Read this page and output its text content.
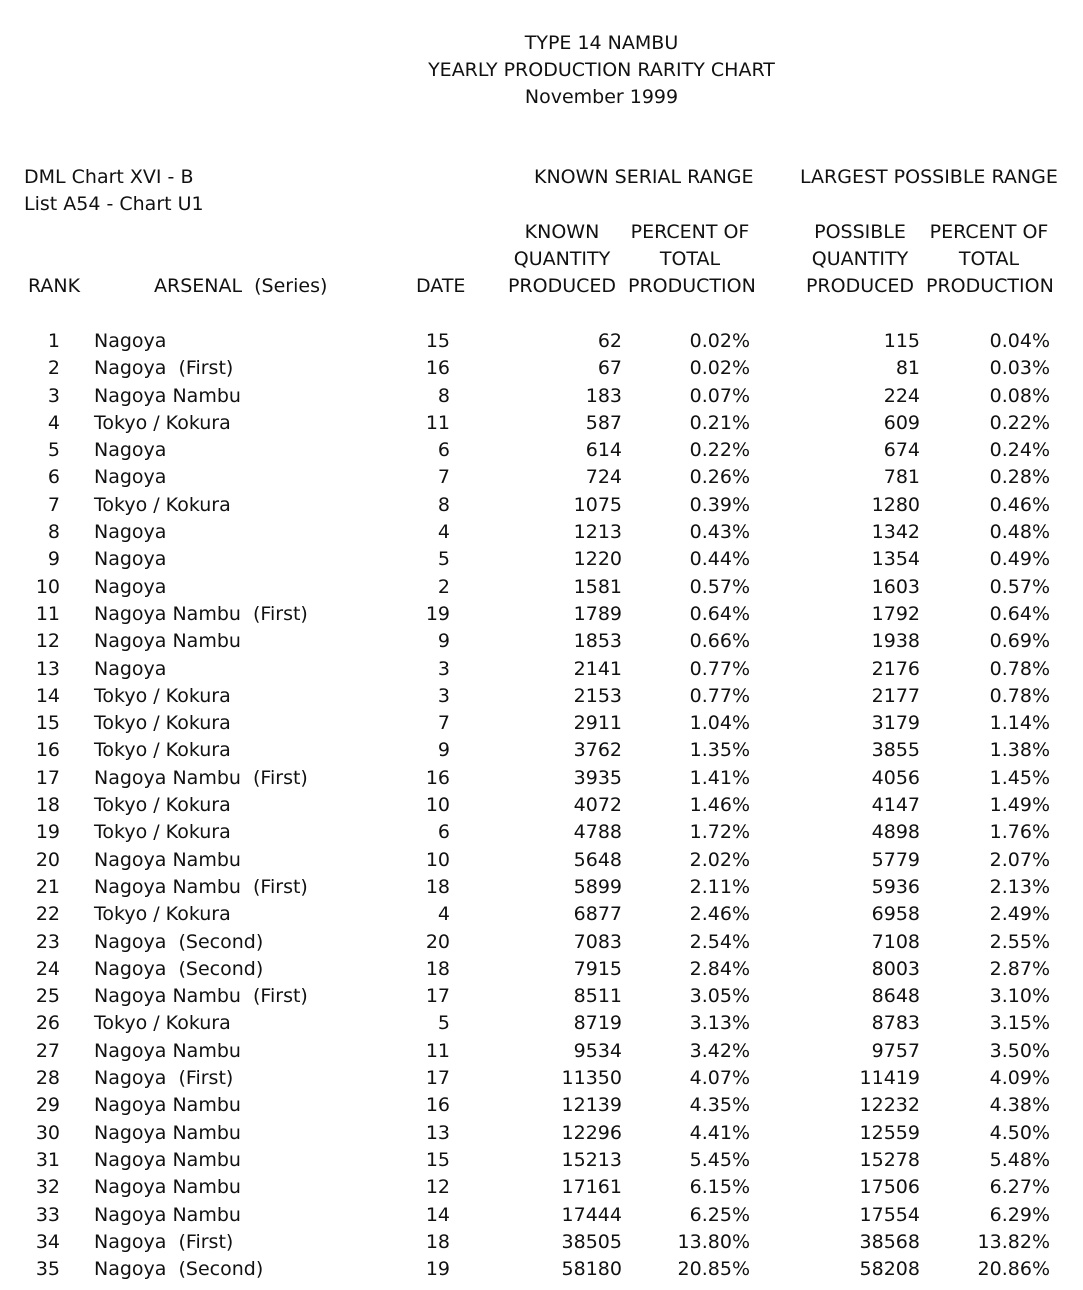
TYPE 14 NAMBU
YEARLY PRODUCTION RARITY CHART
November 1999
DML Chart XVI - B
List A54 - Chart U1
KNOWN SERIAL RANGE LARGEST POSSIBLE RANGE
RANK	ARSENAL  (Series)	DATE
KNOWN
QUANTITY
PRODUCED
PERCENT OF
TOTAL
PRODUCTION
POSSIBLE
QUANTITY
PRODUCED
PERCENT OF
TOTAL
PRODUCTION
1 Nagoya	15	62	0.02%	115	0.04%
2 Nagoya  (First)	16	67	0.02%	81	0.03%
3 Nagoya Nambu	8	183	0.07%	224	0.08%
4 Tokyo / Kokura	11	587	0.21%	609	0.22%
5 Nagoya	6	614	0.22%	674	0.24%
6 Nagoya	7	724	0.26%	781	0.28%
7 Tokyo / Kokura	8	1075	0.39%	1280	0.46%
8 Nagoya	4	1213	0.43%	1342	0.48%
9 Nagoya	5	1220	0.44%	1354	0.49%
10 Nagoya	2	1581	0.57%	1603	0.57%
11 Nagoya Nambu  (First)	19	1789	0.64%	1792	0.64%
12 Nagoya Nambu	9	1853	0.66%	1938	0.69%
13 Nagoya	3	2141	0.77%	2176	0.78%
14 Tokyo / Kokura	3	2153	0.77%	2177	0.78%
15 Tokyo / Kokura	7	2911	1.04%	3179	1.14%
16 Tokyo / Kokura	9	3762	1.35%	3855	1.38%
17 Nagoya Nambu  (First)	16	3935	1.41%	4056	1.45%
18 Tokyo / Kokura	10	4072	1.46%	4147	1.49%
19 Tokyo / Kokura	6	4788	1.72%	4898	1.76%
20 Nagoya Nambu	10	5648	2.02%	5779	2.07%
21 Nagoya Nambu  (First)	18	5899	2.11%	5936	2.13%
22 Tokyo / Kokura	4	6877	2.46%	6958	2.49%
23 Nagoya  (Second)	20	7083	2.54%	7108	2.55%
24 Nagoya  (Second)	18	7915	2.84%	8003	2.87%
25 Nagoya Nambu  (First)	17	8511	3.05%	8648	3.10%
26 Tokyo / Kokura	5	8719	3.13%	8783	3.15%
27 Nagoya Nambu	11	9534	3.42%	9757	3.50%
28 Nagoya  (First)	17	11350	4.07%	11419	4.09%
29 Nagoya Nambu	16	12139	4.35%	12232	4.38%
30 Nagoya Nambu	13	12296	4.41%	12559	4.50%
31 Nagoya Nambu	15	15213	5.45%	15278	5.48%
32 Nagoya Nambu	12	17161	6.15%	17506	6.27%
33 Nagoya Nambu	14	17444	6.25%	17554	6.29%
34 Nagoya  (First)	18	38505	13.80%	38568	13.82%
35 Nagoya  (Second)	19	58180	20.85%	58208	20.86%
